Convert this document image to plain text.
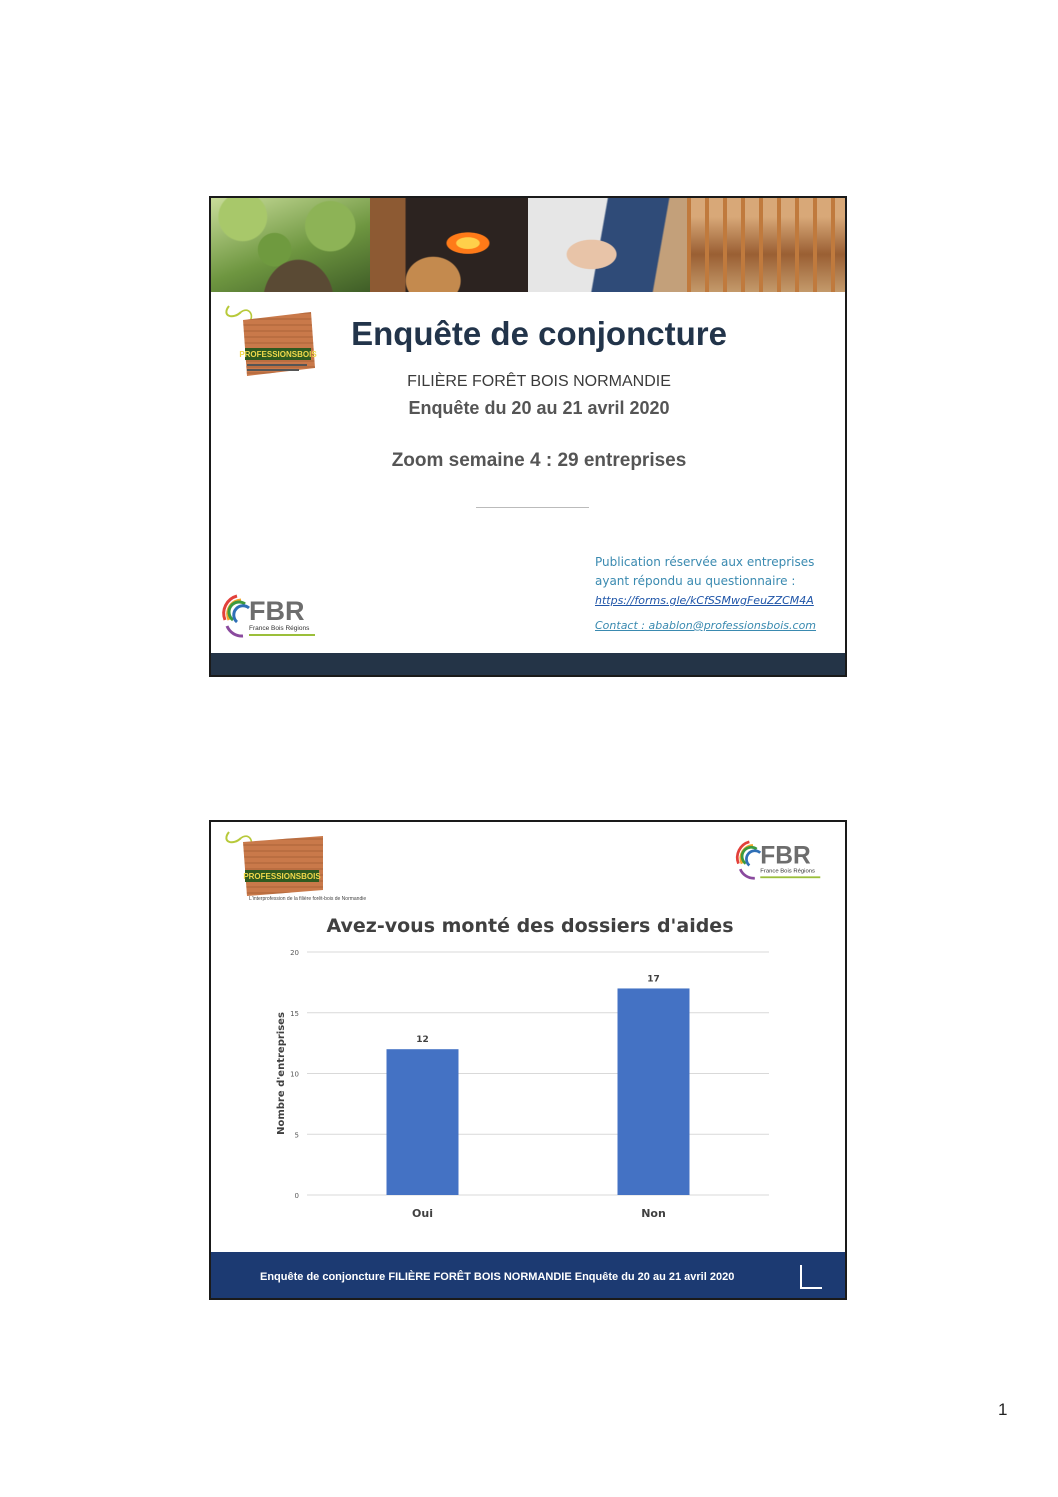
PROFESSIONSBOIS
Enquête de conjoncture
FILIÈRE FORÊT BOIS NORMANDIE
Enquête du 20 au 21 avril 2020
Zoom semaine 4 : 29 entreprises
Publication réservée aux entreprises
ayant répondu au questionnaire :
https://forms.gle/kCfSSMwgFeuZZCM4A
Contact : abablon@professionsbois.com
FBR
France Bois Régions
PROFESSIONSBOIS
L'interprofession de la filière forêt-bois de Normandie
FBR
France Bois Régions
Avez-vous monté des dossiers d'aides
0
5
10
15
20
Nombre d'entreprises	12
Oui
17
Non
Enquête de conjoncture FILIÈRE FORÊT BOIS NORMANDIE Enquête du 20 au 21 avril 2020
1
